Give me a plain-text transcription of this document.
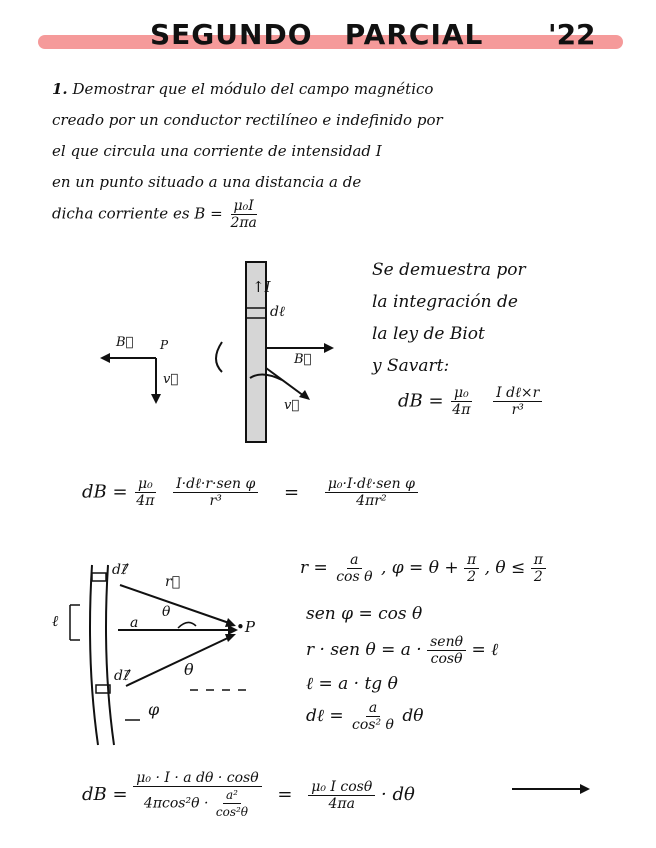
SEGUNDO   PARCIAL '22
1. Demostrar que el módulo del campo magnético
creado por un conductor rectilíneo e indefinido por
el que circula una corriente de intensidad I
en un punto situado a una distancia a de
dicha corriente es $B = \frac{\text{μ₀I}}{2\pi a}$
↑I
dℓ
B⃗ P
v⃗
B⃗
v⃗
Se demuestra por
la integración de
la ley de Biot
y Savart:
dB = $\frac{\text{μ₀}}{4\pi}$
$\frac{\text{I dℓ×r}}{\text{r³}}$
dB = $\frac{\text{μ₀}}{4\pi}$
$\frac{\text{I·dℓ·r·sen φ}}{\text{r³}} = \frac{\text{μ₀·I·dℓ·sen φ}}{\text{4πr²}}$
dℓ⃗
r⃗
θ
a	•P
ℓ
dℓ⃗	θ
φ
$r = \frac{a}{\text{cos θ}}$ , $\varphi = \theta + \frac{\pi}{2}$ , $\theta \le \frac{\pi}{2}$
sen φ = cos θ
r · sen $\theta = a \cdot \frac{\text{senθ}}{\cos\theta}$ = ℓ
ℓ = a · tg θ
dℓ = $\frac{a}{\text{cos² θ}}$ dθ
dB = $\frac{\text{μ₀ · I · a dθ · cosθ}}{4\pi\cos^2\theta \cdot \frac{\text{a²}}{\text{cos²θ}}} = \frac{\text{μ₀ I cosθ}}{4\pi a} \cdot d\theta$
